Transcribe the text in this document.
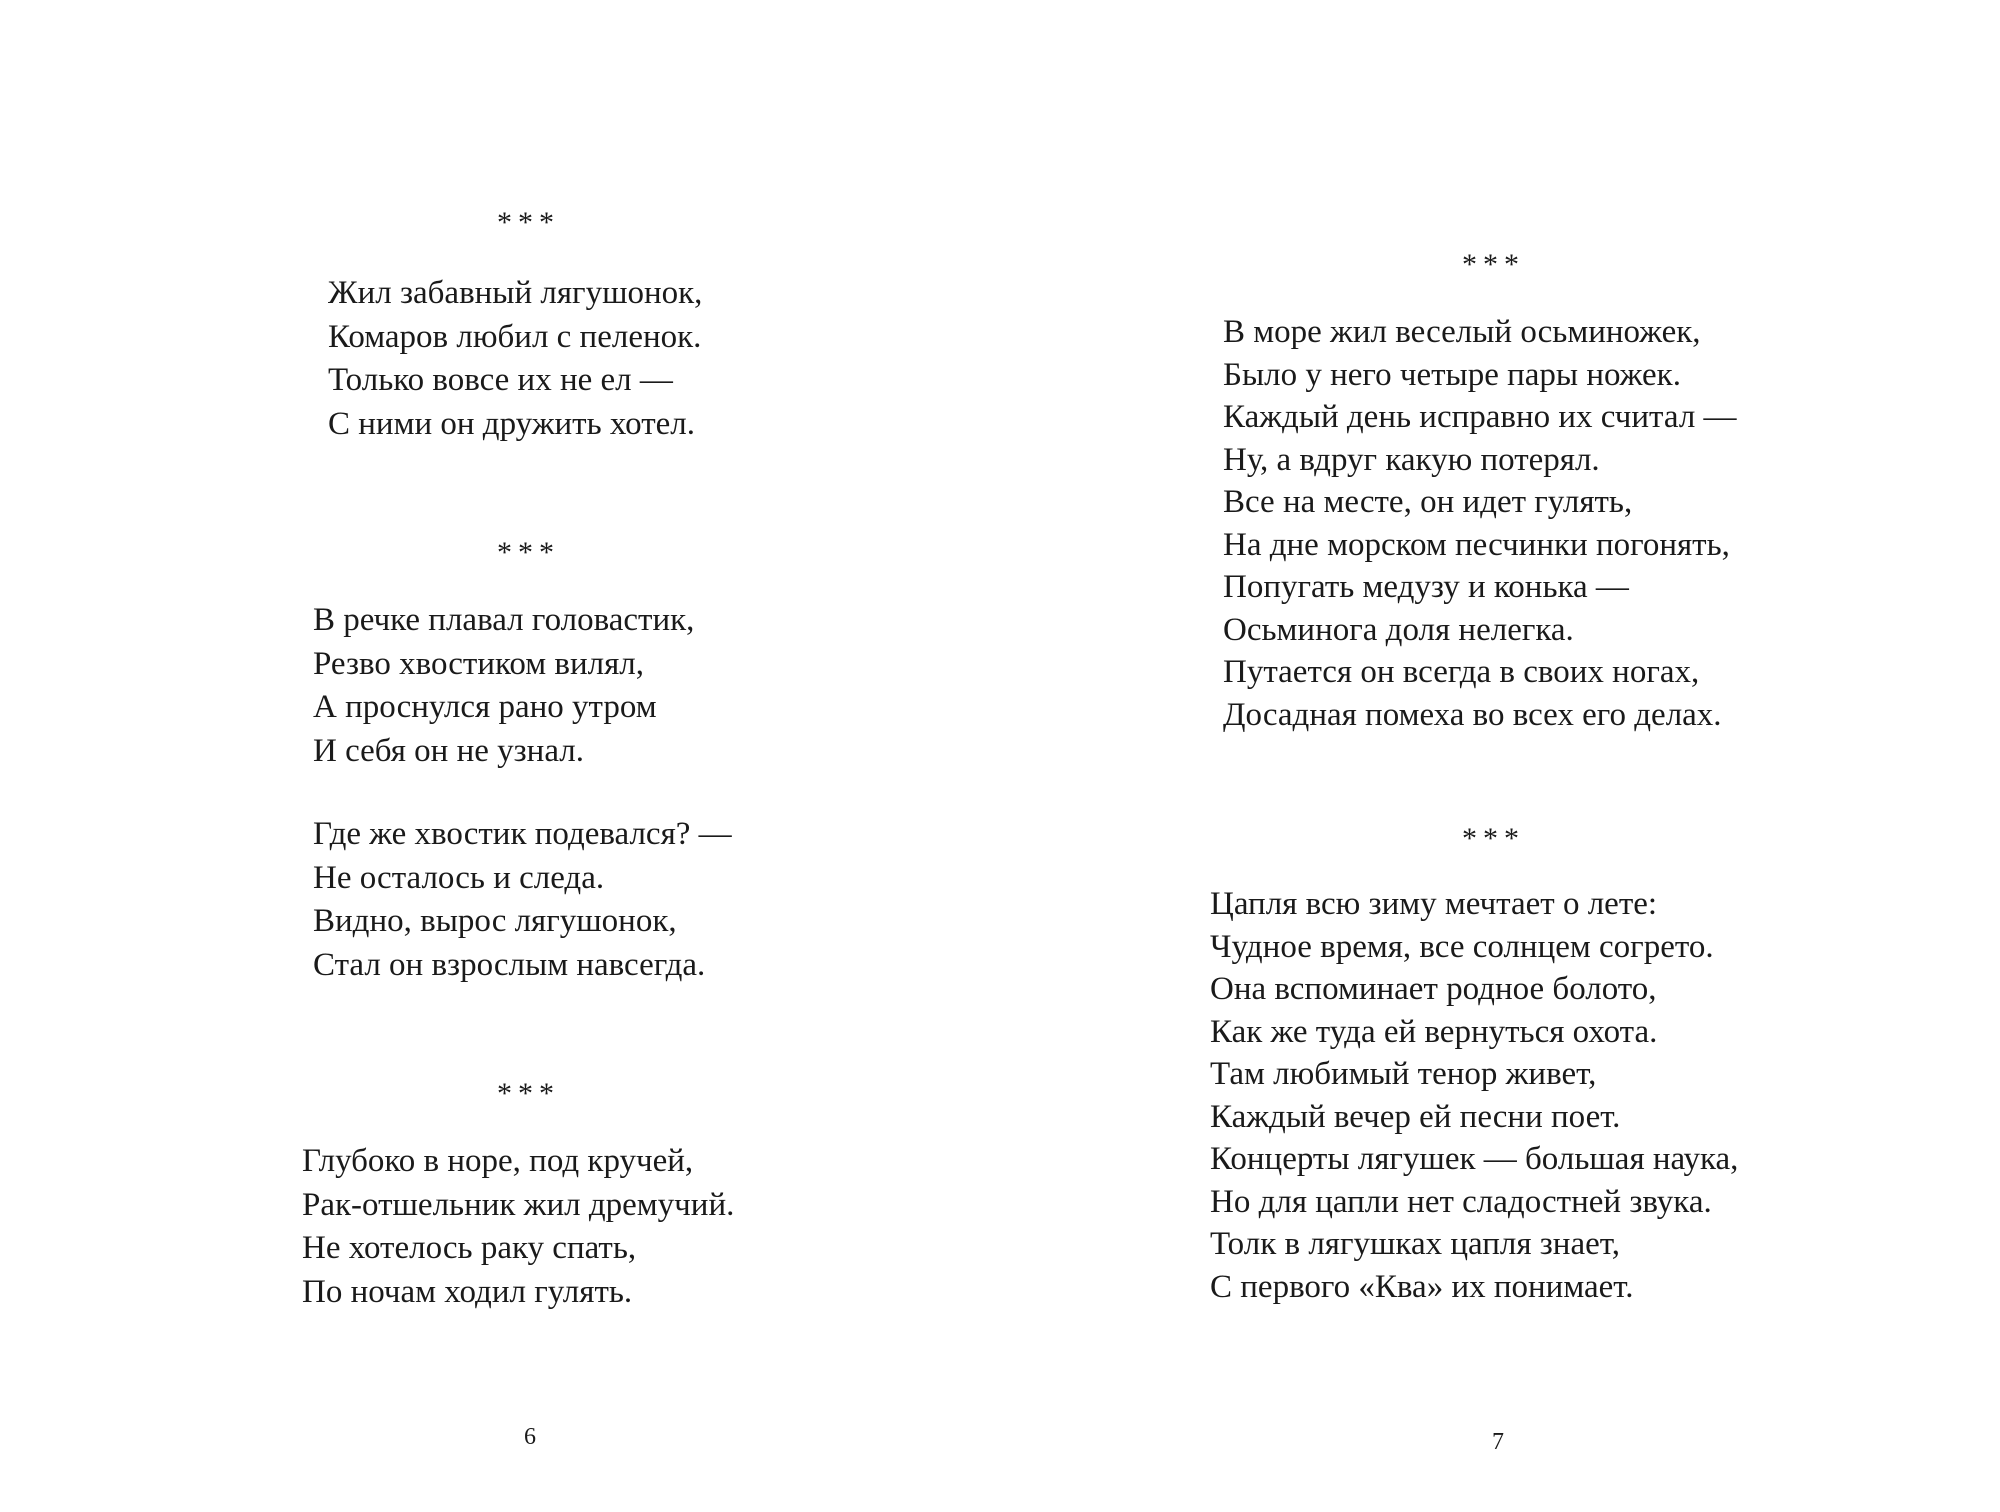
***
Жил забавный лягушонок,
Комаров любил с пеленок.
Только вовсе их не ел —
С ними он дружить хотел.
***
В речке плавал головастик,
Резво хвостиком вилял,
А проснулся рано утром
И себя он не узнал.
Где же хвостик подевался? —
Не осталось и следа.
Видно, вырос лягушонок,
Стал он взрослым навсегда.
***
Глубоко в норе, под кручей,
Рак-отшельник жил дремучий.
Не хотелось раку спать,
По ночам ходил гулять.
6
***
В море жил веселый осьминожек,
Было у него четыре пары ножек.
Каждый день исправно их считал —
Ну, а вдруг какую потерял.
Все на месте, он идет гулять,
На дне морском песчинки погонять,
Попугать медузу и конька —
Осьминога доля нелегка.
Путается он всегда в своих ногах,
Досадная помеха во всех его делах.
***
Цапля всю зиму мечтает о лете:
Чудное время, все солнцем согрето.
Она вспоминает родное болото,
Как же туда ей вернуться охота.
Там любимый тенор живет,
Каждый вечер ей песни поет.
Концерты лягушек — большая наука,
Но для цапли нет сладостней звука.
Толк в лягушках цапля знает,
С первого «Ква» их понимает.
7
